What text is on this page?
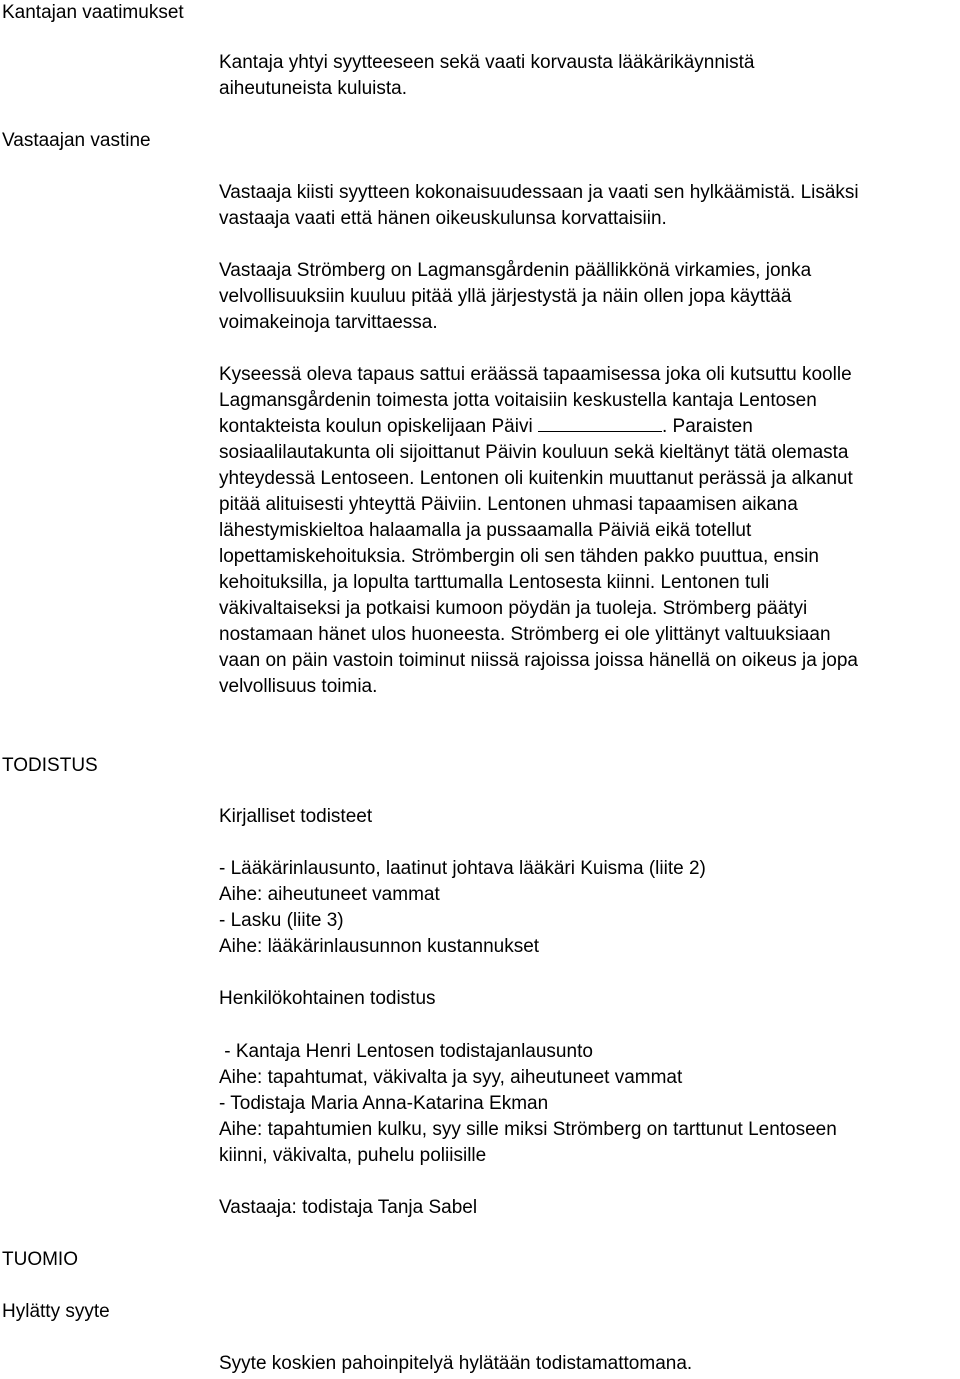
Kantajan vaatimukset
Vastaajan vastine
TODISTUS
TUOMIO
Hylätty syyte
Kantaja yhtyi syytteeseen sekä vaati korvausta lääkärikäynnistä
aiheutuneista kuluista.
Vastaaja kiisti syytteen kokonaisuudessaan ja vaati sen hylkäämistä. Lisäksi
vastaaja vaati että hänen oikeuskulunsa korvattaisiin.
Vastaaja Strömberg on Lagmansgårdenin päällikkönä virkamies, jonka
velvollisuuksiin kuuluu pitää yllä järjestystä ja näin ollen jopa käyttää
voimakeinoja tarvittaessa.
Kyseessä oleva tapaus sattui eräässä tapaamisessa joka oli kutsuttu koolle
Lagmansgårdenin toimesta jotta voitaisiin keskustella kantaja Lentosen
kontakteista koulun opiskelijaan Päivi	. Paraisten
sosiaalilautakunta oli sijoittanut Päivin kouluun sekä kieltänyt tätä olemasta
yhteydessä Lentoseen. Lentonen oli kuitenkin muuttanut perässä ja alkanut
pitää alituisesti yhteyttä Päiviin. Lentonen uhmasi tapaamisen aikana
lähestymiskieltoa halaamalla ja pussaamalla Päiviä eikä totellut
lopettamiskehoituksia. Strömbergin oli sen tähden pakko puuttua, ensin
kehoituksilla, ja lopulta tarttumalla Lentosesta kiinni. Lentonen tuli
väkivaltaiseksi ja potkaisi kumoon pöydän ja tuoleja. Strömberg päätyi
nostamaan hänet ulos huoneesta. Strömberg ei ole ylittänyt valtuuksiaan
vaan on päin vastoin toiminut niissä rajoissa joissa hänellä on oikeus ja jopa
velvollisuus toimia.
Kirjalliset todisteet
- Lääkärinlausunto, laatinut johtava lääkäri Kuisma (liite 2)
Aihe: aiheutuneet vammat
- Lasku (liite 3)
Aihe: lääkärinlausunnon kustannukset
Henkilökohtainen todistus
- Kantaja Henri Lentosen todistajanlausunto
Aihe: tapahtumat, väkivalta ja syy, aiheutuneet vammat
- Todistaja Maria Anna-Katarina Ekman
Aihe: tapahtumien kulku, syy sille miksi Strömberg on tarttunut Lentoseen
kiinni, väkivalta, puhelu poliisille
Vastaaja: todistaja Tanja Sabel
Syyte koskien pahoinpitelyä hylätään todistamattomana.
